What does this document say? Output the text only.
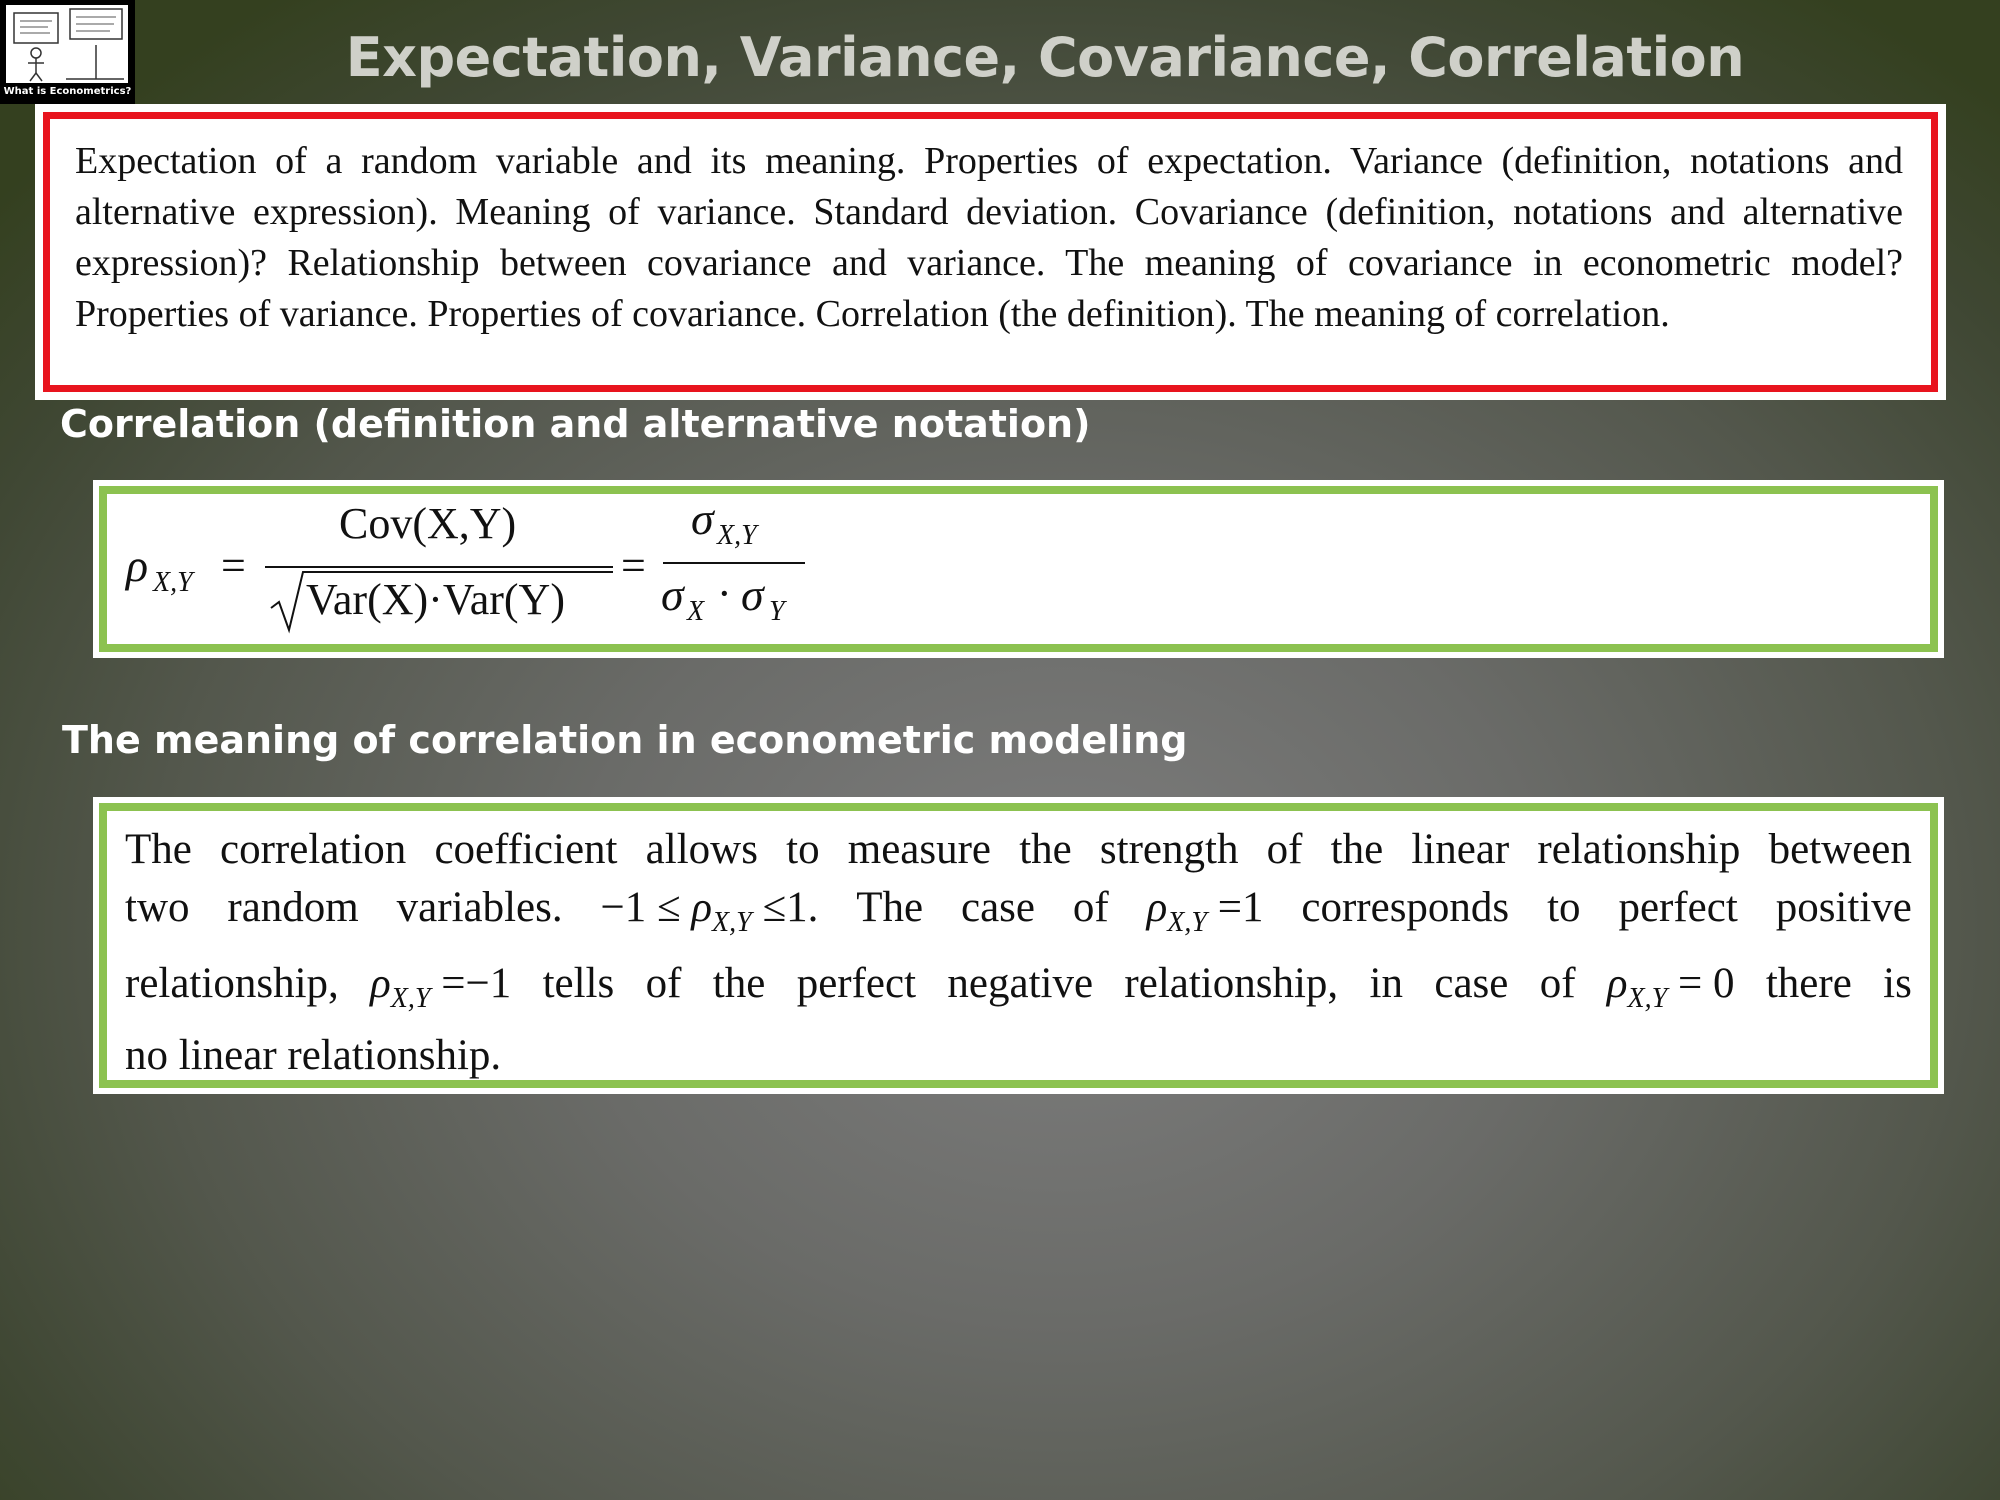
What is Econometrics?
Expectation, Variance, Covariance, Correlation
Expectation of a random variable and its meaning. Properties of expectation. Variance (definition, notations and alternative expression). Meaning of variance. Standard deviation. Covariance (definition, notations and alternative expression)? Relationship between covariance and variance. The meaning of covariance in econometric model? Properties of variance. Properties of covariance. Correlation (the definition). The meaning of correlation.
Correlation (definition and alternative notation)
ρ X,Y =
Cov(X,Y)
Var(X)·Var(Y)
=
σ X,Y
σ X · σ Y
The meaning of correlation in econometric modeling
The correlation coefficient allows to measure the strength of the linear relationship between
two random variables. $-1 \le \rho_{X,Y} \le 1$. The case of $\rho_{X,Y} =1$ corresponds to perfect positive
relationship, $\rho_{X,Y} =-1$ tells of the perfect negative relationship, in case of $\rho_{X,Y} = 0$ there is
no linear relationship.
